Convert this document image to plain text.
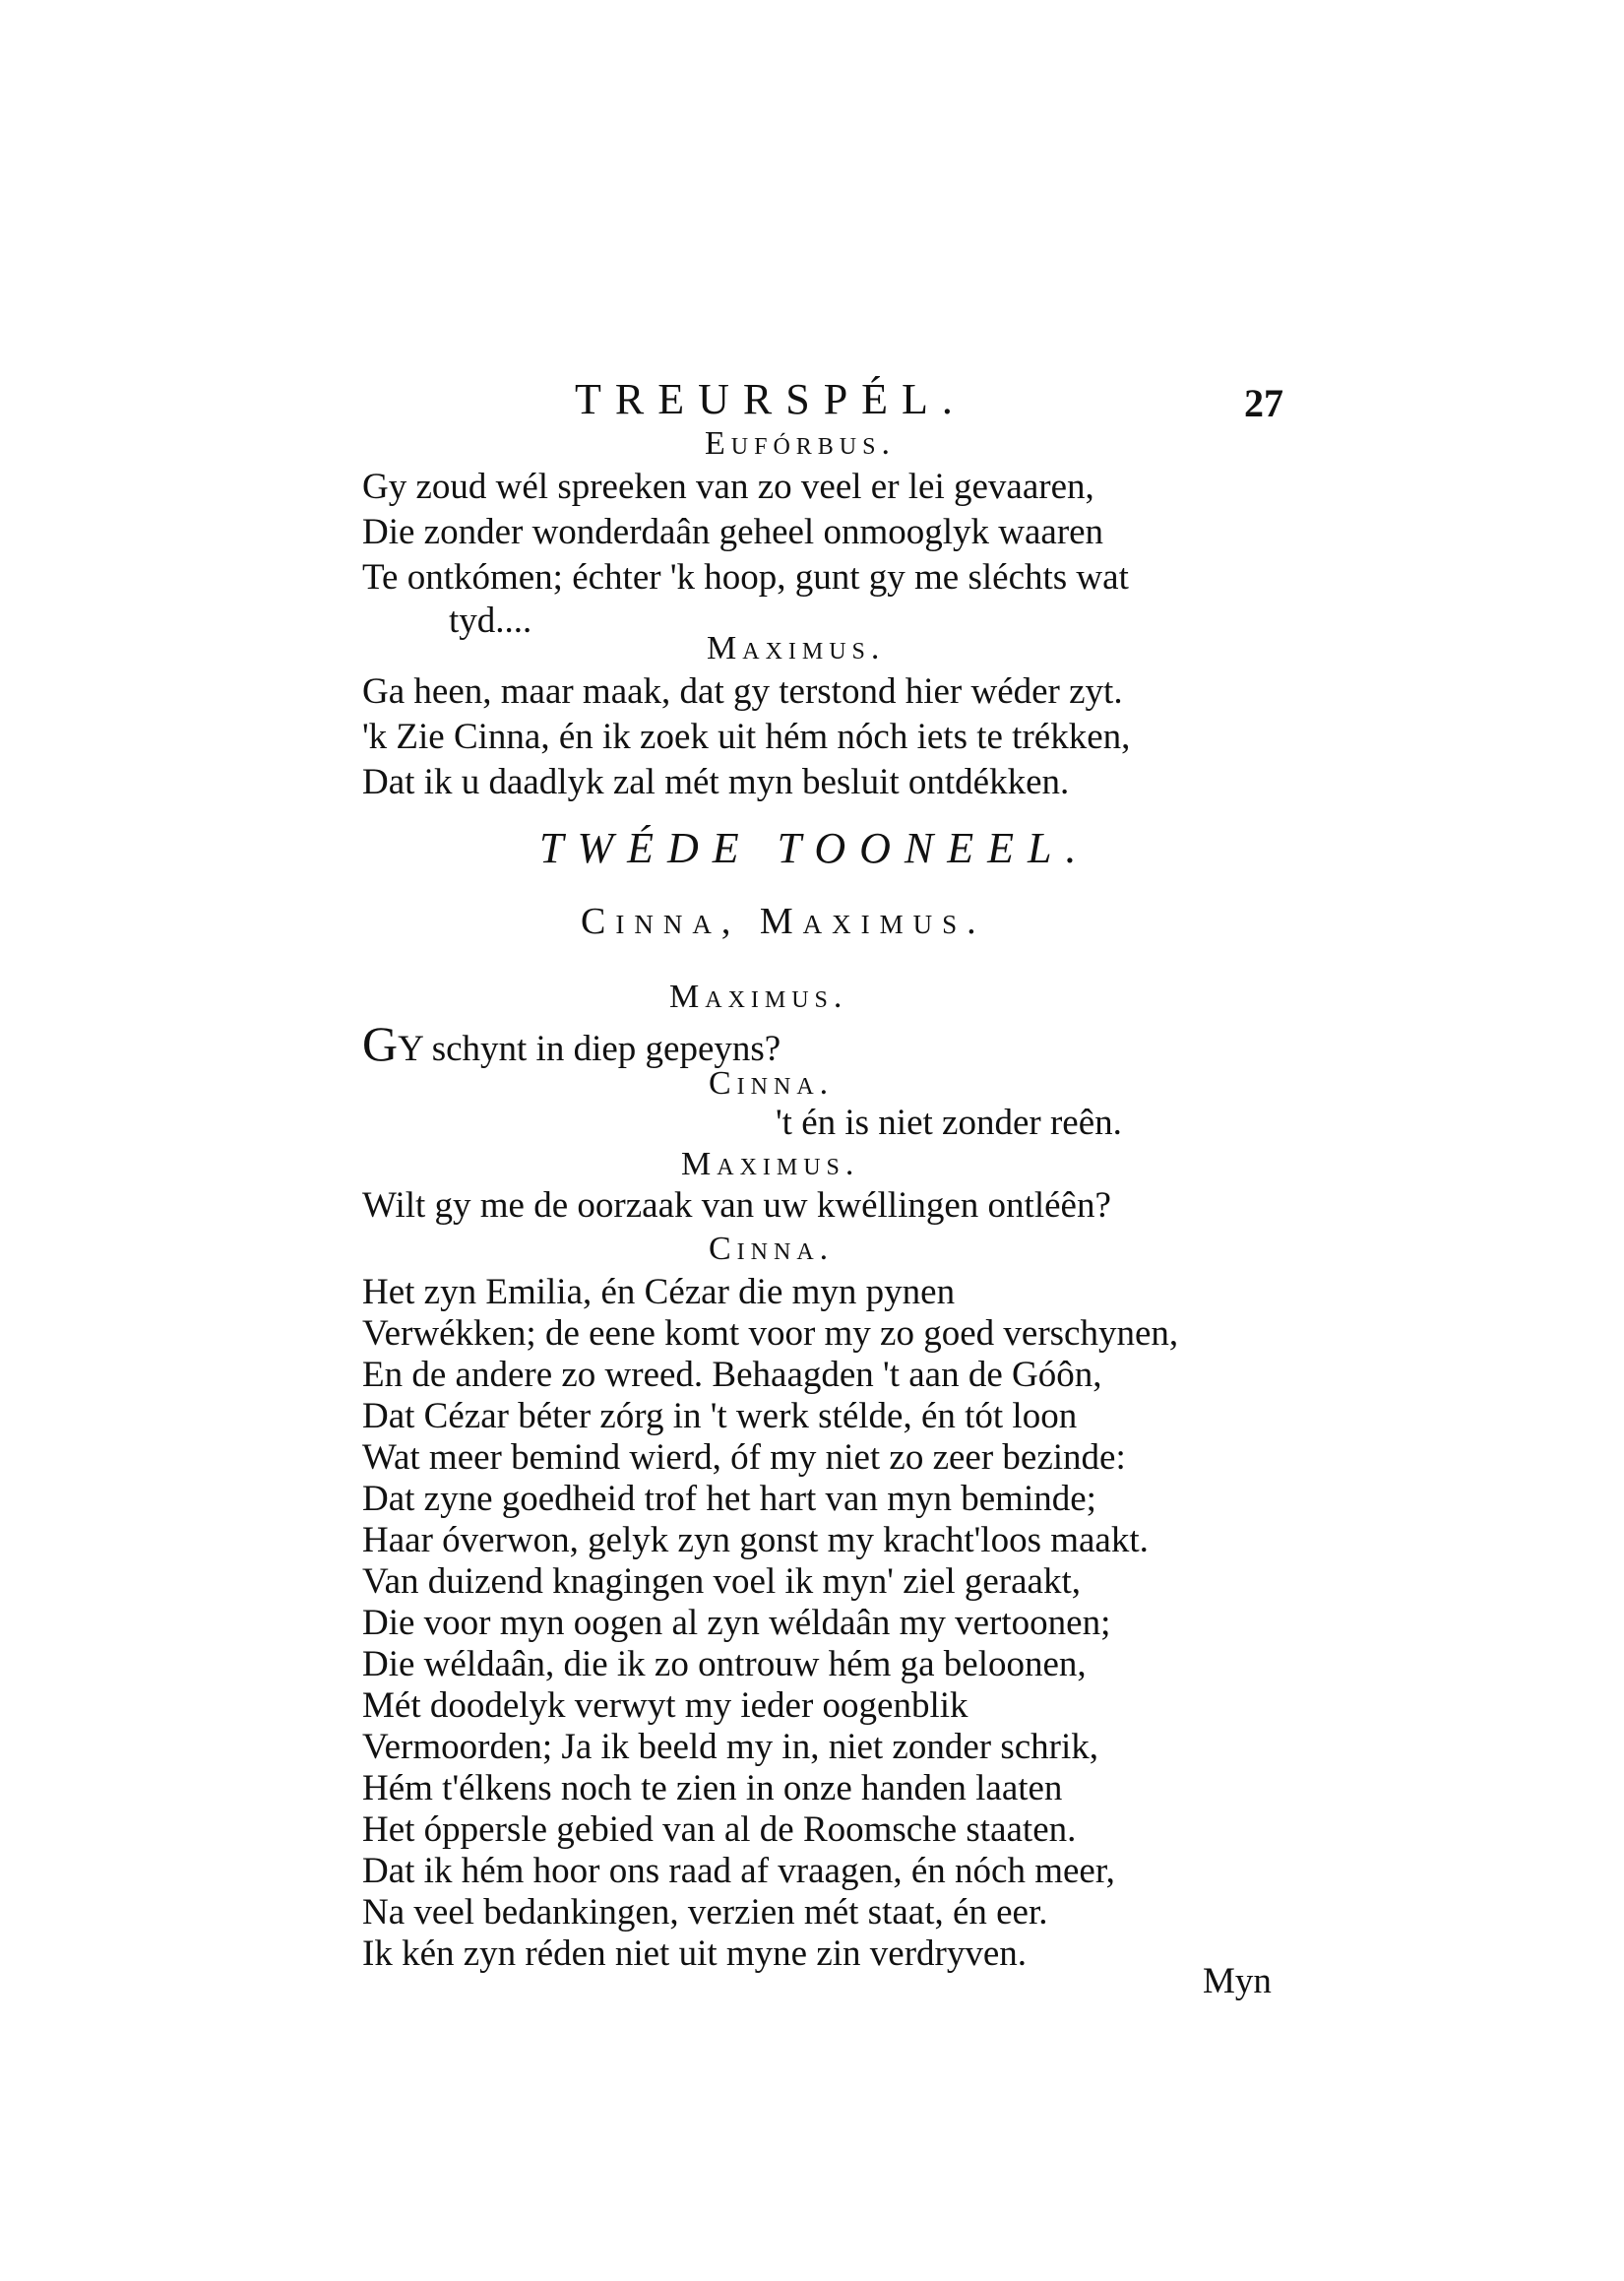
TREURSPÉL.	27
Eufórbus.
Gy zoud wél spreeken van zo veel er lei gevaaren,
Die zonder wonderdaân geheel onmooglyk waaren
Te ontkómen; échter 'k hoop, gunt gy me sléchts wat
tyd....
Maximus.
Ga heen, maar maak, dat gy terstond hier wéder zyt.
'k Zie Cinna, én ik zoek uit hém nóch iets te trékken,
Dat ik u daadlyk zal mét myn besluit ontdékken.
TWÉDE TOONEEL.
Cinna, Maximus.
Maximus.
GY schynt in diep gepeyns?
Cinna.
't én is niet zonder reên.
Maximus.
Wilt gy me de oorzaak van uw kwéllingen ontléên?
Cinna.
Het zyn Emilia, én Cézar die myn pynen
Verwékken; de eene komt voor my zo goed verschynen,
En de andere zo wreed. Behaagden 't aan de Góôn,
Dat Cézar béter zórg in 't werk stélde, én tót loon
Wat meer bemind wierd, óf my niet zo zeer bezinde:
Dat zyne goedheid trof het hart van myn beminde;
Haar óverwon, gelyk zyn gonst my kracht'loos maakt.
Van duizend knagingen voel ik myn' ziel geraakt,
Die voor myn oogen al zyn wéldaân my vertoonen;
Die wéldaân, die ik zo ontrouw hém ga beloonen,
Mét doodelyk verwyt my ieder oogenblik
Vermoorden; Ja ik beeld my in, niet zonder schrik,
Hém t'élkens noch te zien in onze handen laaten
Het óppersle gebied van al de Roomsche staaten.
Dat ik hém hoor ons raad af vraagen, én nóch meer,
Na veel bedankingen, verzien mét staat, én eer.
Ik kén zyn réden niet uit myne zin verdryven.
Myn
